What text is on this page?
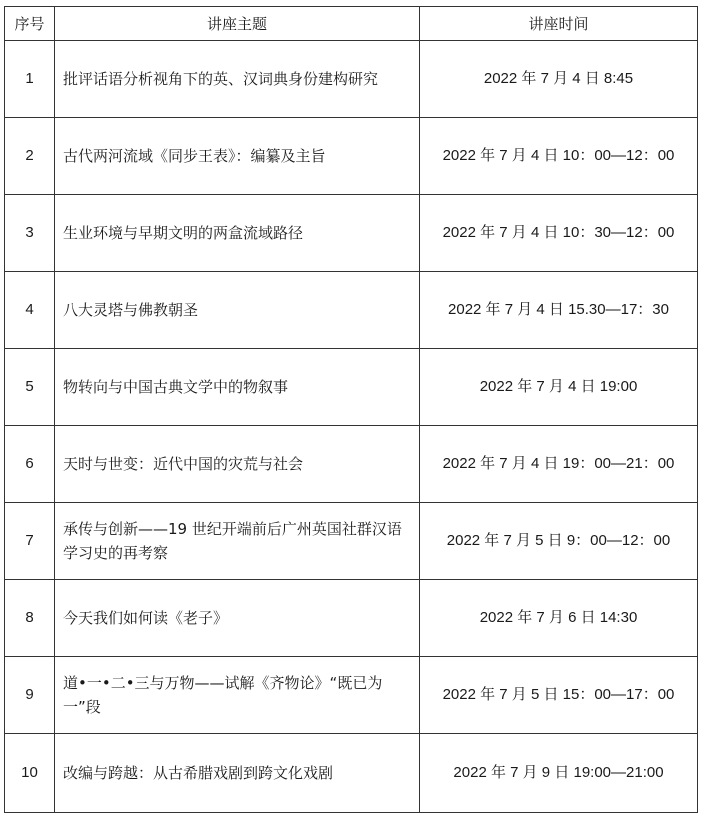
序号	讲座主题	讲座时间
1	批评话语分析视角下的英、汉词典身份建构研究	2022 年 7 月 4 日 8:45
2	古代两河流域《同步王表》：编纂及主旨	2022 年 7 月 4 日 10：00—12：00
3	生业环境与早期文明的两盒流域路径	2022 年 7 月 4 日 10：30—12：00
4	八大灵塔与佛教朝圣	2022 年 7 月 4 日 15.30—17：30
5	物转向与中国古典文学中的物叙事	2022 年 7 月 4 日 19:00
6	天时与世变：近代中国的灾荒与社会	2022 年 7 月 4 日 19：00—21：00
7	承传与创新——19 世纪开端前后广州英国社群汉语学习史的再考察	2022 年 7 月 5 日 9：00—12：00
8	今天我们如何读《老子》	2022 年 7 月 6 日 14:30
9	道•一•二•三与万物——试解《齐物论》“既已为一”段	2022 年 7 月 5 日 15：00—17：00
10	改编与跨越：从古希腊戏剧到跨文化戏剧	2022 年 7 月 9 日 19:00—21:00
